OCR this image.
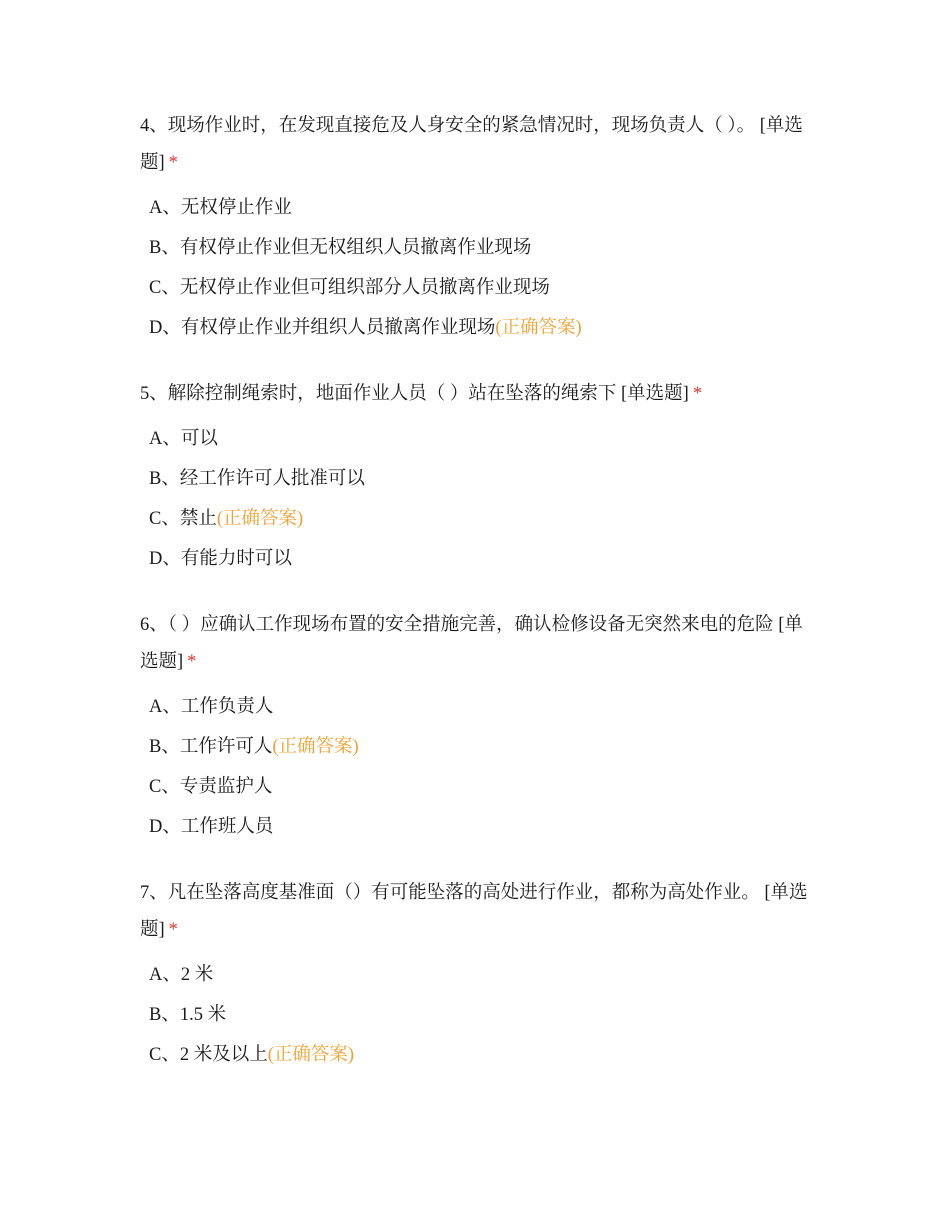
4、现场作业时，在发现直接危及人身安全的紧急情况时，现场负责人（ ）。 [单选题] *

A、无权停止作业
B、有权停止作业但无权组织人员撤离作业现场
C、无权停止作业但可组织部分人员撤离作业现场
D、有权停止作业并组织人员撤离作业现场(正确答案)

5、解除控制绳索时，地面作业人员（ ）站在坠落的绳索下 [单选题] *

A、可以
B、经工作许可人批准可以
C、禁止(正确答案)
D、有能力时可以

6、（ ）应确认工作现场布置的安全措施完善，确认检修设备无突然来电的危险 [单选题] *

A、工作负责人
B、工作许可人(正确答案)
C、专责监护人
D、工作班人员

7、凡在坠落高度基准面（）有可能坠落的高处进行作业，都称为高处作业。 [单选题] *

A、2 米
B、1.5 米
C、2 米及以上(正确答案)
